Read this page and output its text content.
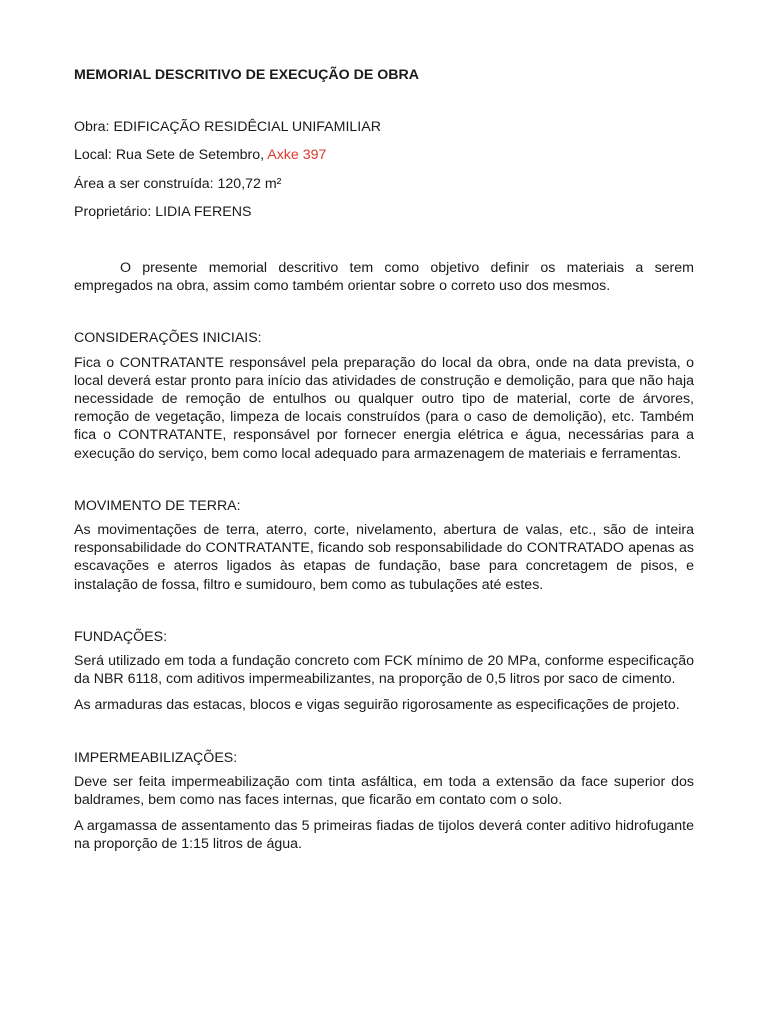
MEMORIAL DESCRITIVO DE EXECUÇÃO DE OBRA
Obra: EDIFICAÇÃO RESIDÊCIAL UNIFAMILIAR
Local: Rua Sete de Setembro, Axke 397
Área a ser construída: 120,72 m²
Proprietário: LIDIA FERENS

O presente memorial descritivo tem como objetivo definir os materiais a serem empregados na obra, assim como também orientar sobre o correto uso dos mesmos.

CONSIDERAÇÕES INICIAIS:

Fica o CONTRATANTE responsável pela preparação do local da obra, onde na data prevista, o local deverá estar pronto para início das atividades de construção e demolição, para que não haja necessidade de remoção de entulhos ou qualquer outro tipo de material, corte de árvores, remoção de vegetação, limpeza de locais construídos (para o caso de demolição), etc. Também fica o CONTRATANTE, responsável por fornecer energia elétrica e água, necessárias para a execução do serviço, bem como local adequado para armazenagem de materiais e ferramentas.

MOVIMENTO DE TERRA:

As movimentações de terra, aterro, corte, nivelamento, abertura de valas, etc., são de inteira responsabilidade do CONTRATANTE, ficando sob responsabilidade do CONTRATADO apenas as escavações e aterros ligados às etapas de fundação, base para concretagem de pisos, e instalação de fossa, filtro e sumidouro, bem como as tubulações até estes.

FUNDAÇÕES:

Será utilizado em toda a fundação concreto com FCK mínimo de 20 MPa, conforme especificação da NBR 6118, com aditivos impermeabilizantes, na proporção de 0,5 litros por saco de cimento.

As armaduras das estacas, blocos e vigas seguirão rigorosamente as especificações de projeto.

IMPERMEABILIZAÇÕES:

Deve ser feita impermeabilização com tinta asfáltica, em toda a extensão da face superior dos baldrames, bem como nas faces internas, que ficarão em contato com o solo.

A argamassa de assentamento das 5 primeiras fiadas de tijolos deverá conter aditivo hidrofugante na proporção de 1:15 litros de água.
